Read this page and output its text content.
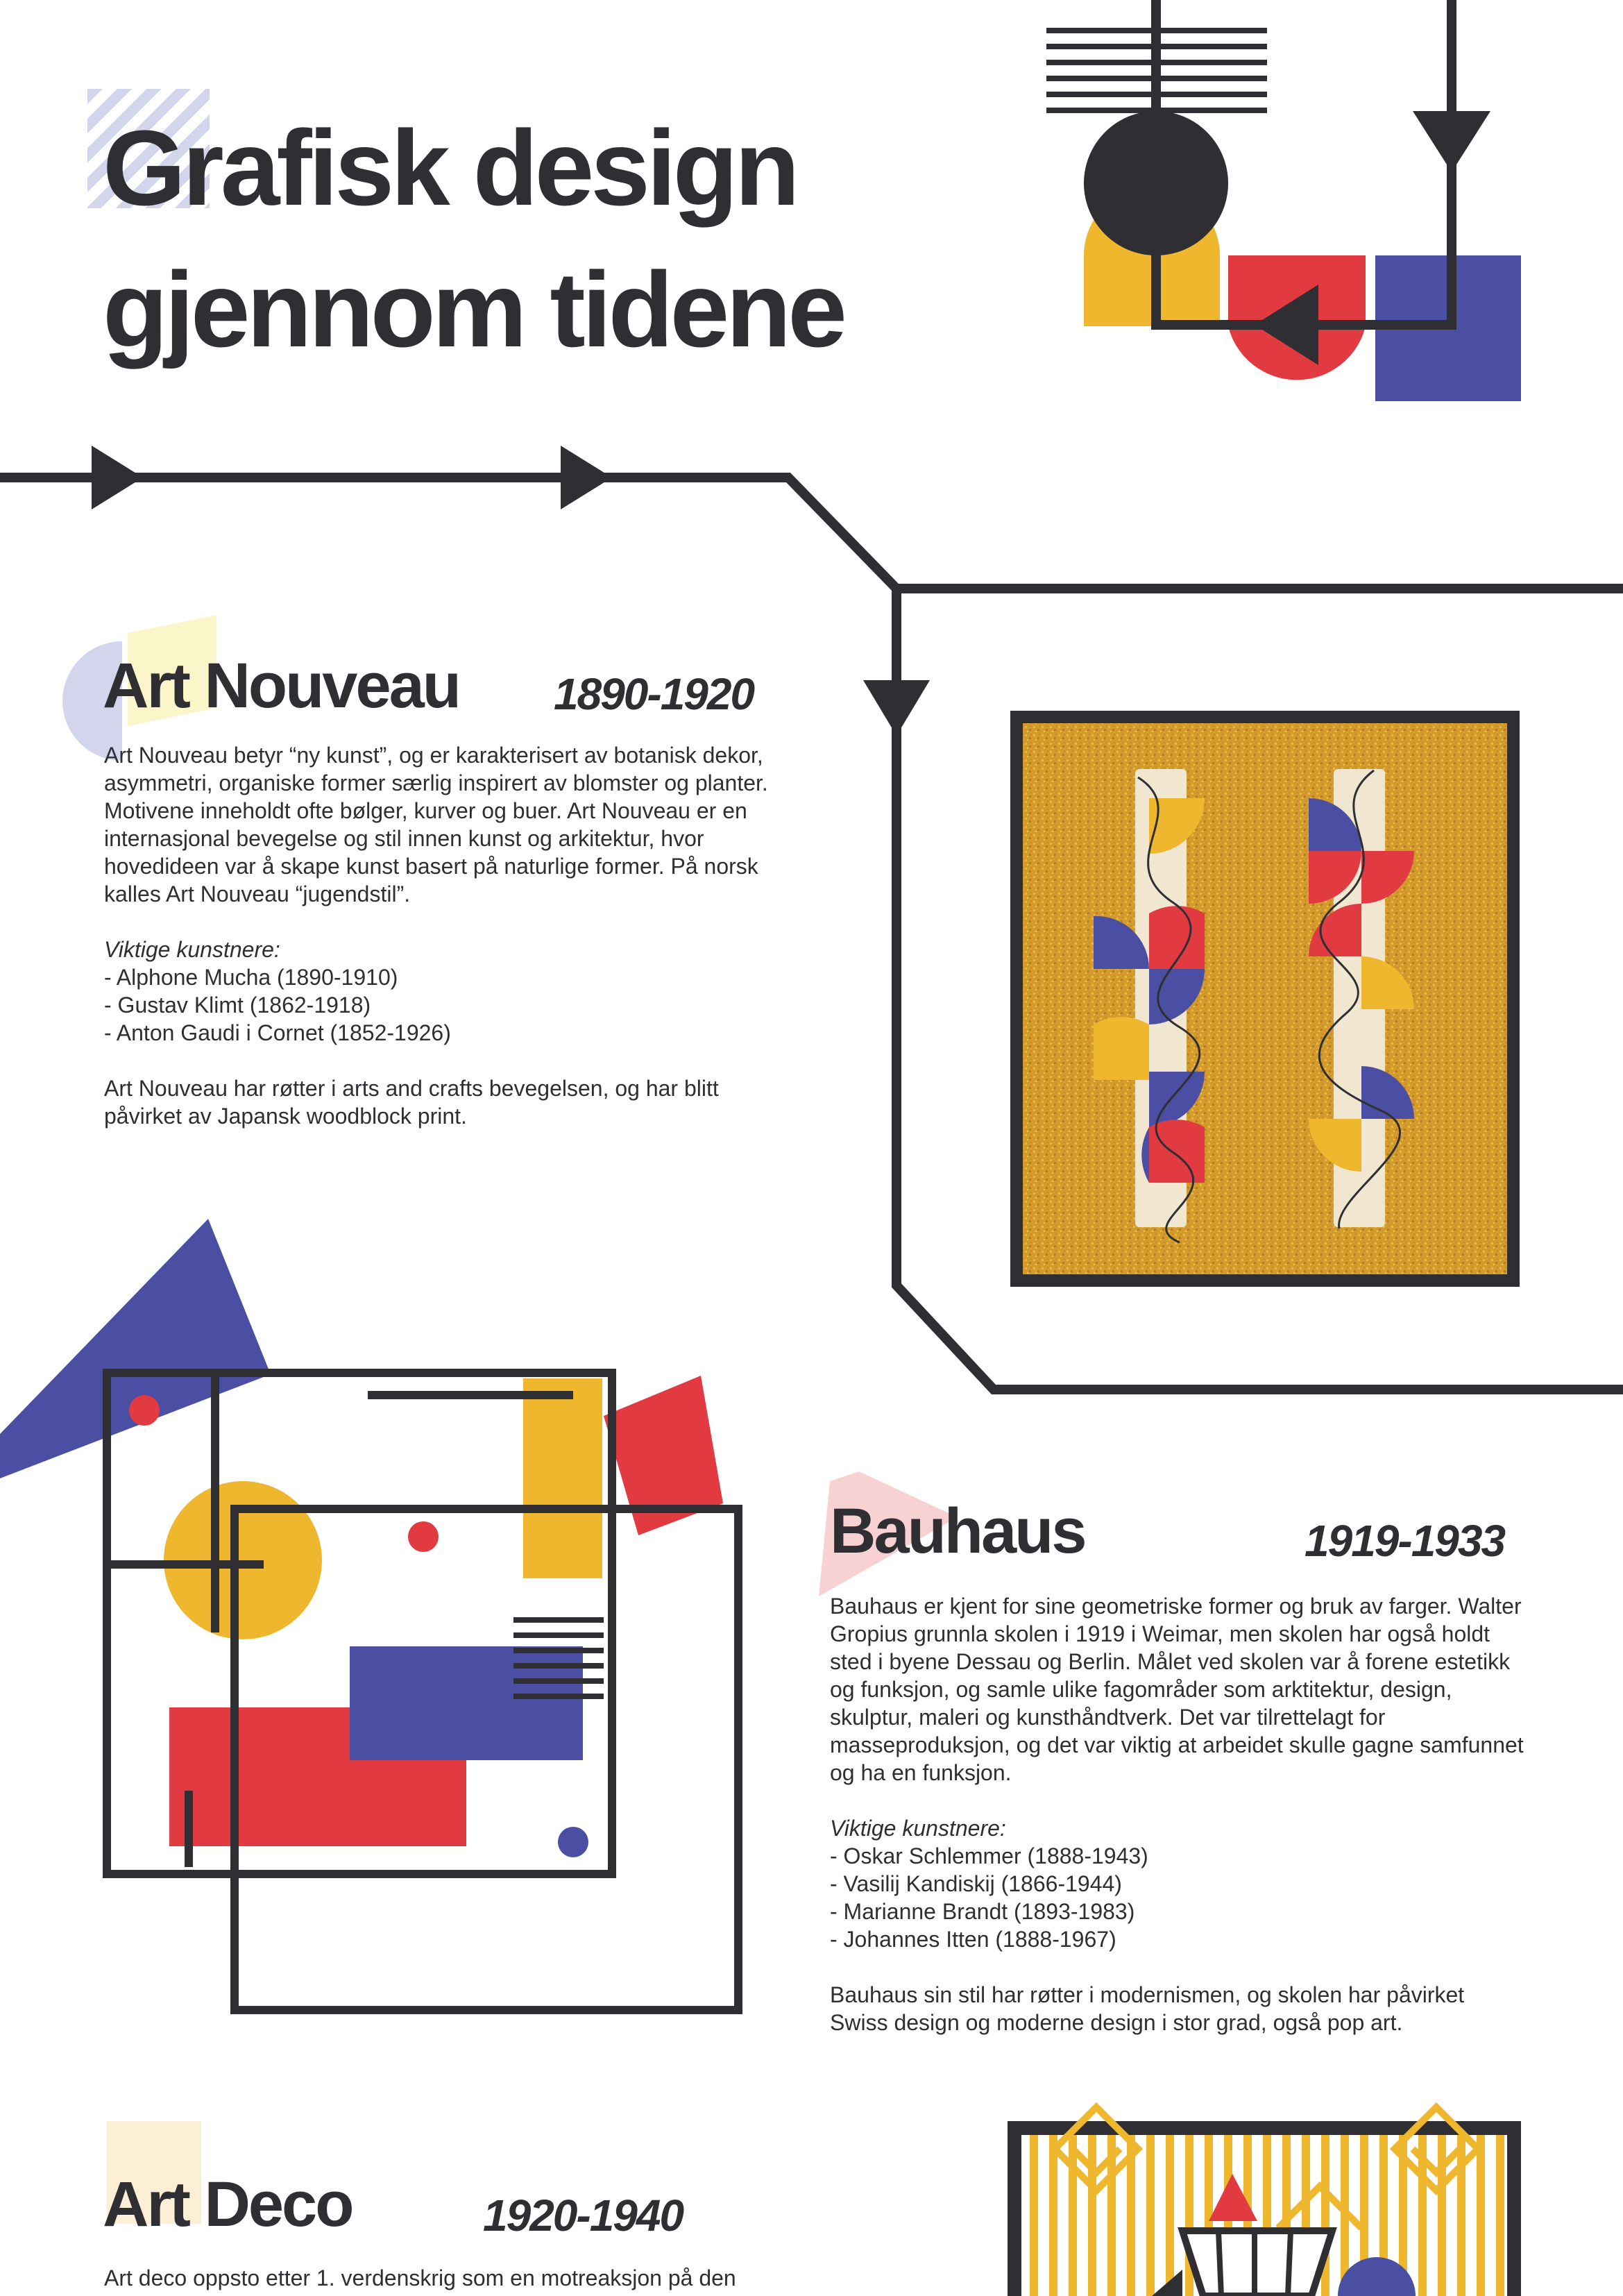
Grafisk design
gjennom tidene
Art Nouveau 1890-1920

Art Nouveau betyr “ny kunst”, og er karakterisert av botanisk dekor, asymmetri, organiske former særlig inspirert av blomster og planter. Motivene inneholdt ofte bølger, kurver og buer. Art Nouveau er en internasjonal bevegelse og stil innen kunst og arkitektur, hvor hovedideen var å skape kunst basert på naturlige former. På norsk kalles Art Nouveau “jugendstil”.

Viktige kunstnere:

- Alphone Mucha (1890-1910)
- Gustav Klimt (1862-1918)
- Anton Gaudi i Cornet (1852-1926)

Art Nouveau har røtter i arts and crafts bevegelsen, og har blitt påvirket av Japansk woodblock print.

Bauhaus	1919-1933

Bauhaus er kjent for sine geometriske former og bruk av farger. Walter Gropius grunnla skolen i 1919 i Weimar, men skolen har også holdt sted i byene Dessau og Berlin. Målet ved skolen var å forene estetikk og funksjon, og samle ulike fagområder som arktitektur, design, skulptur, maleri og kunsthåndtverk. Det var tilrettelagt for masseproduksjon, og det var viktig at arbeidet skulle gagne samfunnet og ha en funksjon.

Viktige kunstnere:

- Oskar Schlemmer (1888-1943)
- Vasilij Kandiskij (1866-1944)
- Marianne Brandt (1893-1983)
- Johannes Itten (1888-1967)

Bauhaus sin stil har røtter i modernismen, og skolen har påvirket Swiss design og moderne design i stor grad, også pop art.

Art Deco	1920-1940

Art deco oppsto etter 1. verdenskrig som en motreaksjon på den
